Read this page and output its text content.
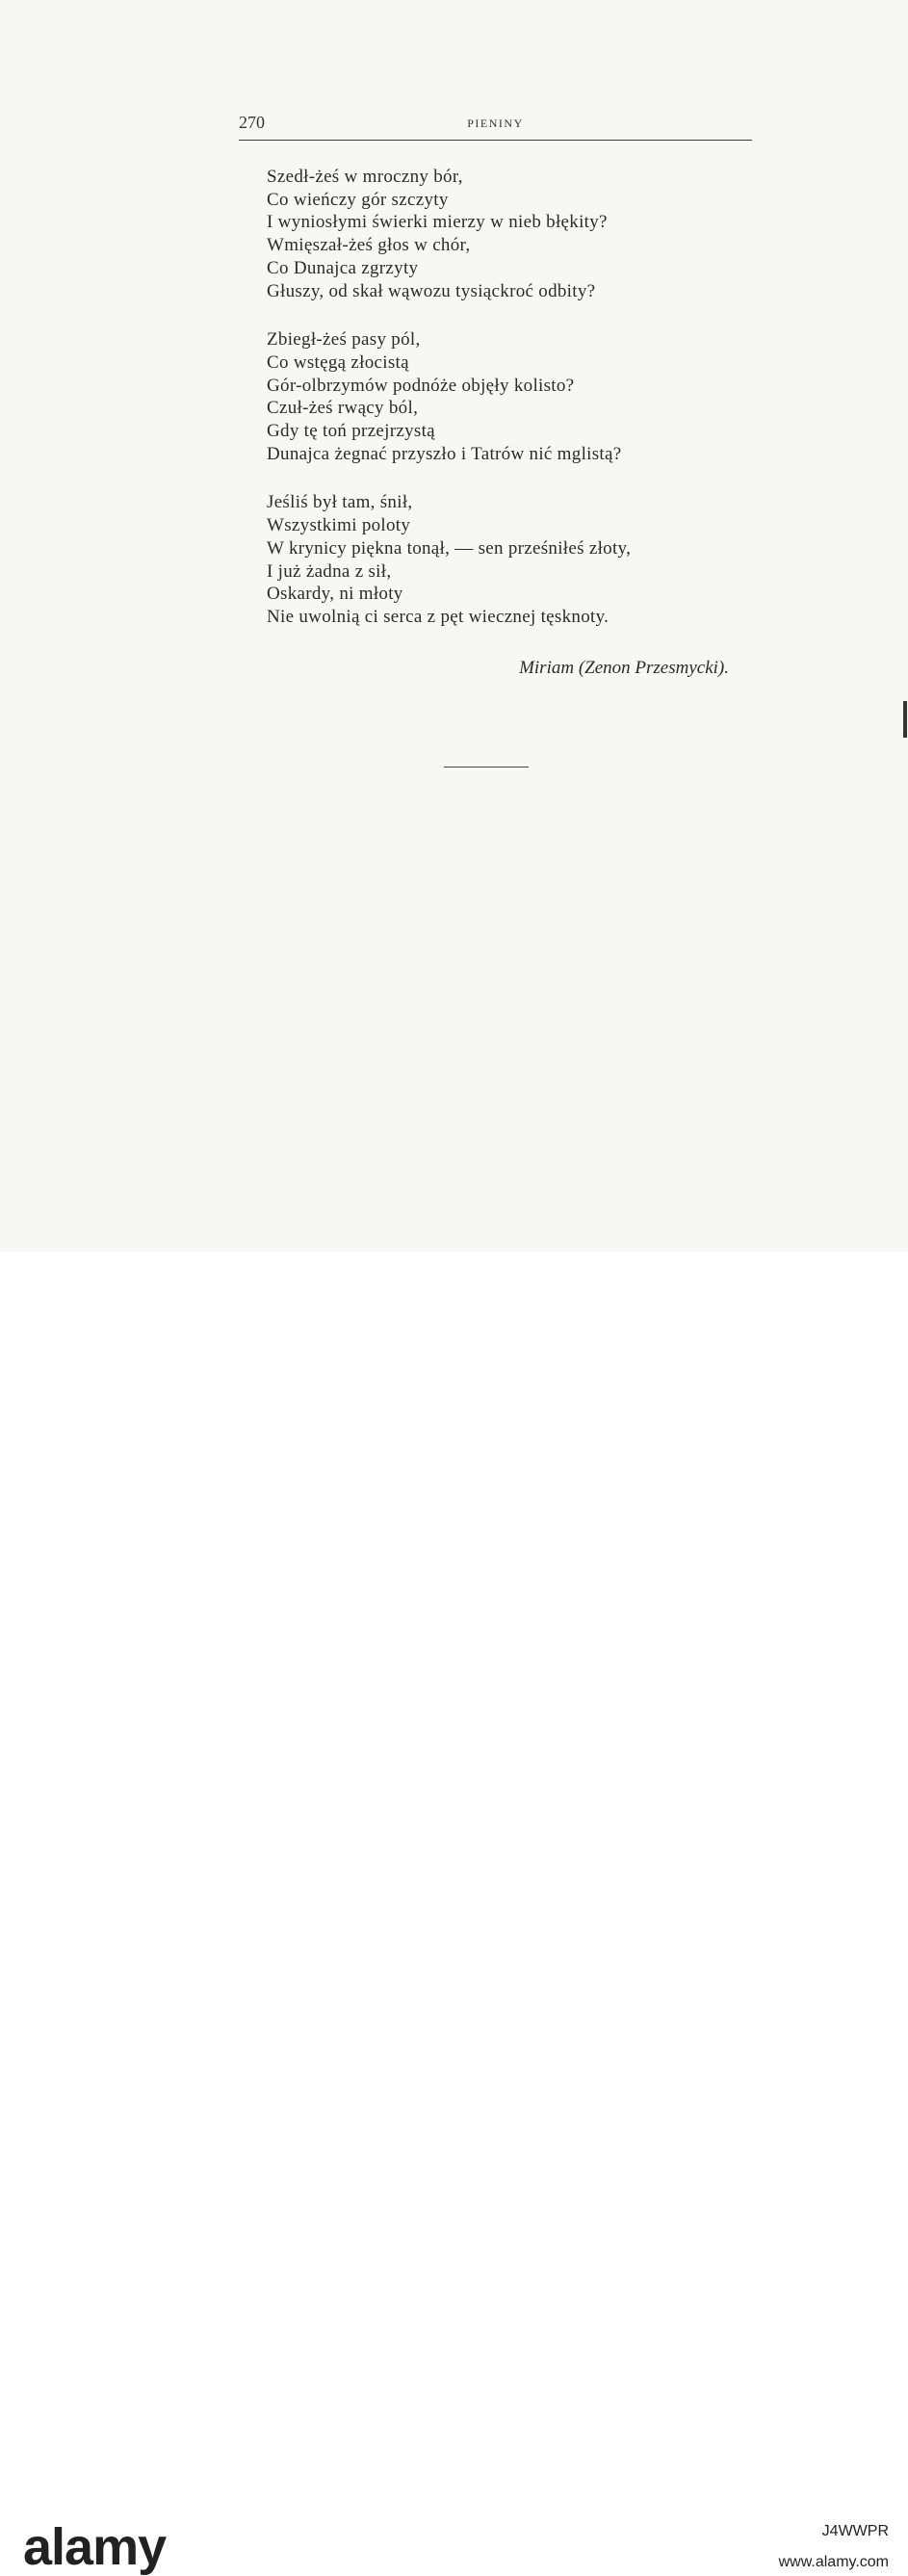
270	PIENINY
Szedł-żeś w mroczny bór,
Co wieńczy gór szczyty
I wyniosłymi świerki mierzy w nieb błękity?
Wmięszał-żeś głos w chór,
Co Dunajca zgrzyty
Głuszy, od skał wąwozu tysiąckroć odbity?
Zbiegł-żeś pasy pól,
Co wstęgą złocistą
Gór-olbrzymów podnóże objęły kolisto?
Czuł-żeś rwący ból,
Gdy tę toń przejrzystą
Dunajca żegnać przyszło i Tatrów nić mglistą?
Jeśliś był tam, śnił,
Wszystkimi poloty
W krynicy piękna tonął, — sen prześniłeś złoty,
I już żadna z sił,
Oskardy, ni młoty
Nie uwolnią ci serca z pęt wiecznej tęsknoty.
Miriam (Zenon Przesmycki).
alamy	J4WWPR
www.alamy.com
